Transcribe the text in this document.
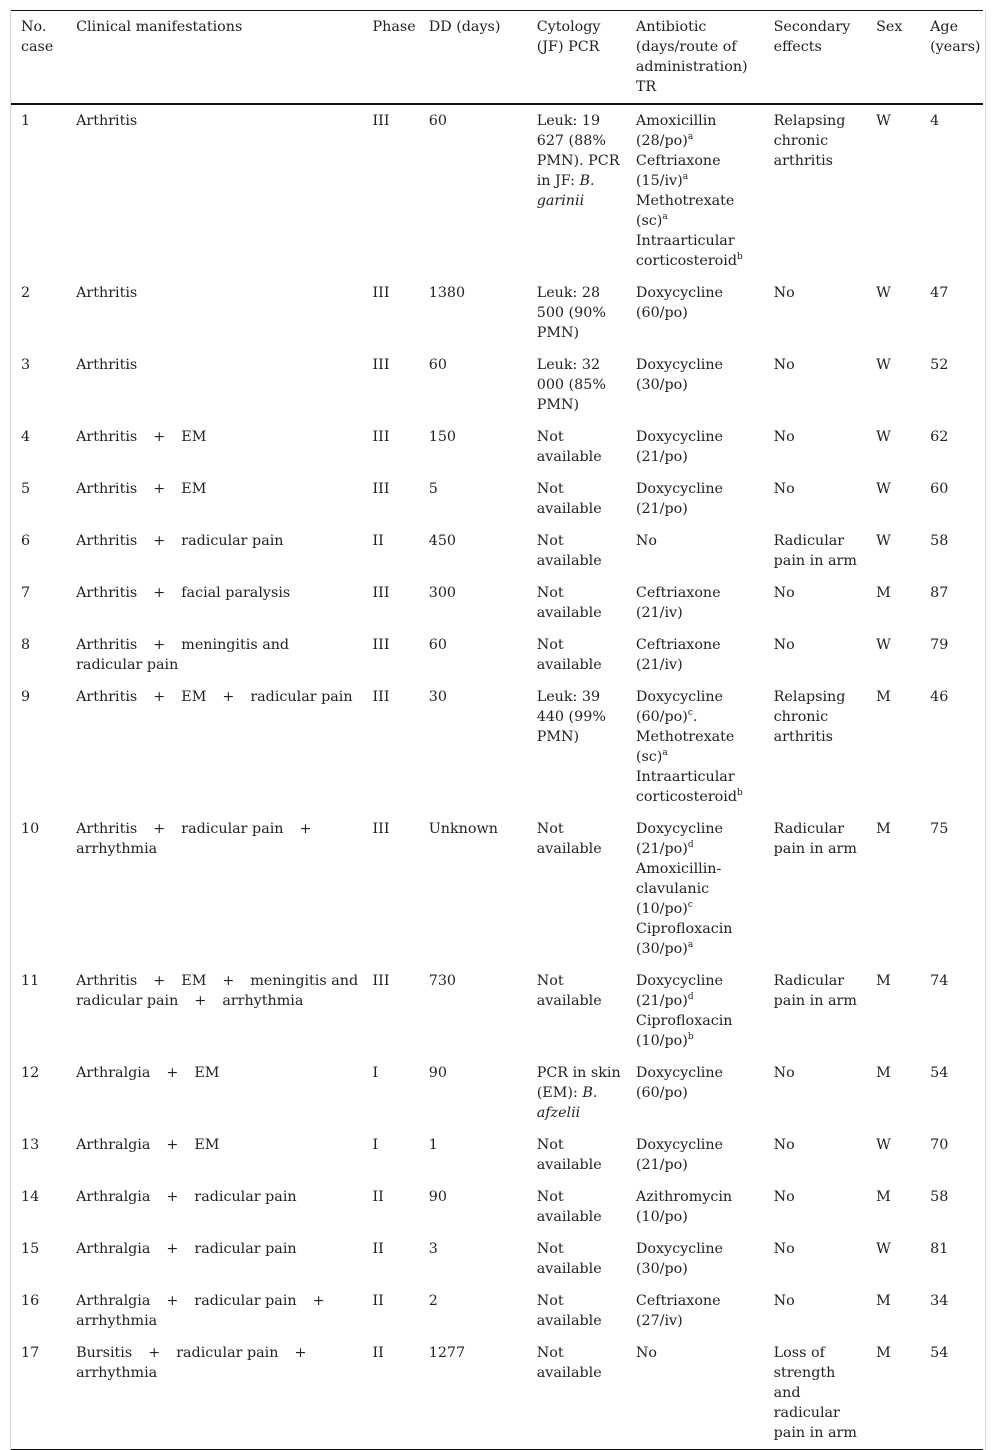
No. case	Clinical manifestations	Phase	DD (days)	Cytology (JF) PCR	Antibiotic (days/route of administration) TR	Secondary effects	Sex	Age (years)
1	Arthritis	III	60	Leuk: 19 627 (88% PMN). PCR in JF: B. garinii	Amoxicillin $(28/po)^a$
Ceftriaxone $(15/iv)^a$
Methotrexate (sc)$^a$
Intraarticular corticosteroid$^b$	Relapsing chronic arthritis	W	4
2	Arthritis	III	1380	Leuk: 28 500 (90% PMN)	Doxycycline (60/po)	No	W	47
3	Arthritis	III	60	Leuk: 32 000 (85% PMN)	Doxycycline (30/po)	No	W	52
4	Arthritis + EM	III	150	Not available	Doxycycline (21/po)	No	W	62
5	Arthritis + EM	III	5	Not available	Doxycycline (21/po)	No	W	60
6	Arthritis + radicular pain	II	450	Not available	No	Radicular pain in arm	W	58
7	Arthritis + facial paralysis	III	300	Not available	Ceftriaxone (21/iv)	No	M	87
8	Arthritis + meningitis and radicular pain	III	60	Not available	Ceftriaxone (21/iv)	No	W	79
9	Arthritis + EM + radicular pain	III	30	Leuk: 39 440 (99% PMN)	Doxycycline $(60/po)^c$.
Methotrexate (sc)$^a$
Intraarticular corticosteroid$^b$	Relapsing chronic arthritis	M	46
10	Arthritis + radicular pain +arrhythmia	III	Unknown	Not available	Doxycycline $(21/po)^d$
Amoxicillin-clavulanic $(10/po)^c$
Ciprofloxacin $(30/po)^a$	Radicular pain in arm	M	75
11	Arthritis + EM + meningitis and radicular pain + arrhythmia	III	730	Not available	Doxycycline $(21/po)^d$
Ciprofloxacin $(10/po)^b$	Radicular pain in arm	M	74
12	Arthralgia + EM	I	90	PCR in skin (EM): B. afzelii	Doxycycline (60/po)	No	M	54
13	Arthralgia + EM	I	1	Not available	Doxycycline (21/po)	No	W	70
14	Arthralgia + radicular pain	II	90	Not available	Azithromycin (10/po)	No	M	58
15	Arthralgia + radicular pain	II	3	Not available	Doxycycline (30/po)	No	W	81
16	Arthralgia + radicular pain +arrhythmia	II	2	Not available	Ceftriaxone (27/iv)	No	M	34
17	Bursitis + radicular pain +arrhythmia	II	1277	Not available	No	Loss of strength and radicular pain in arm	M	54
